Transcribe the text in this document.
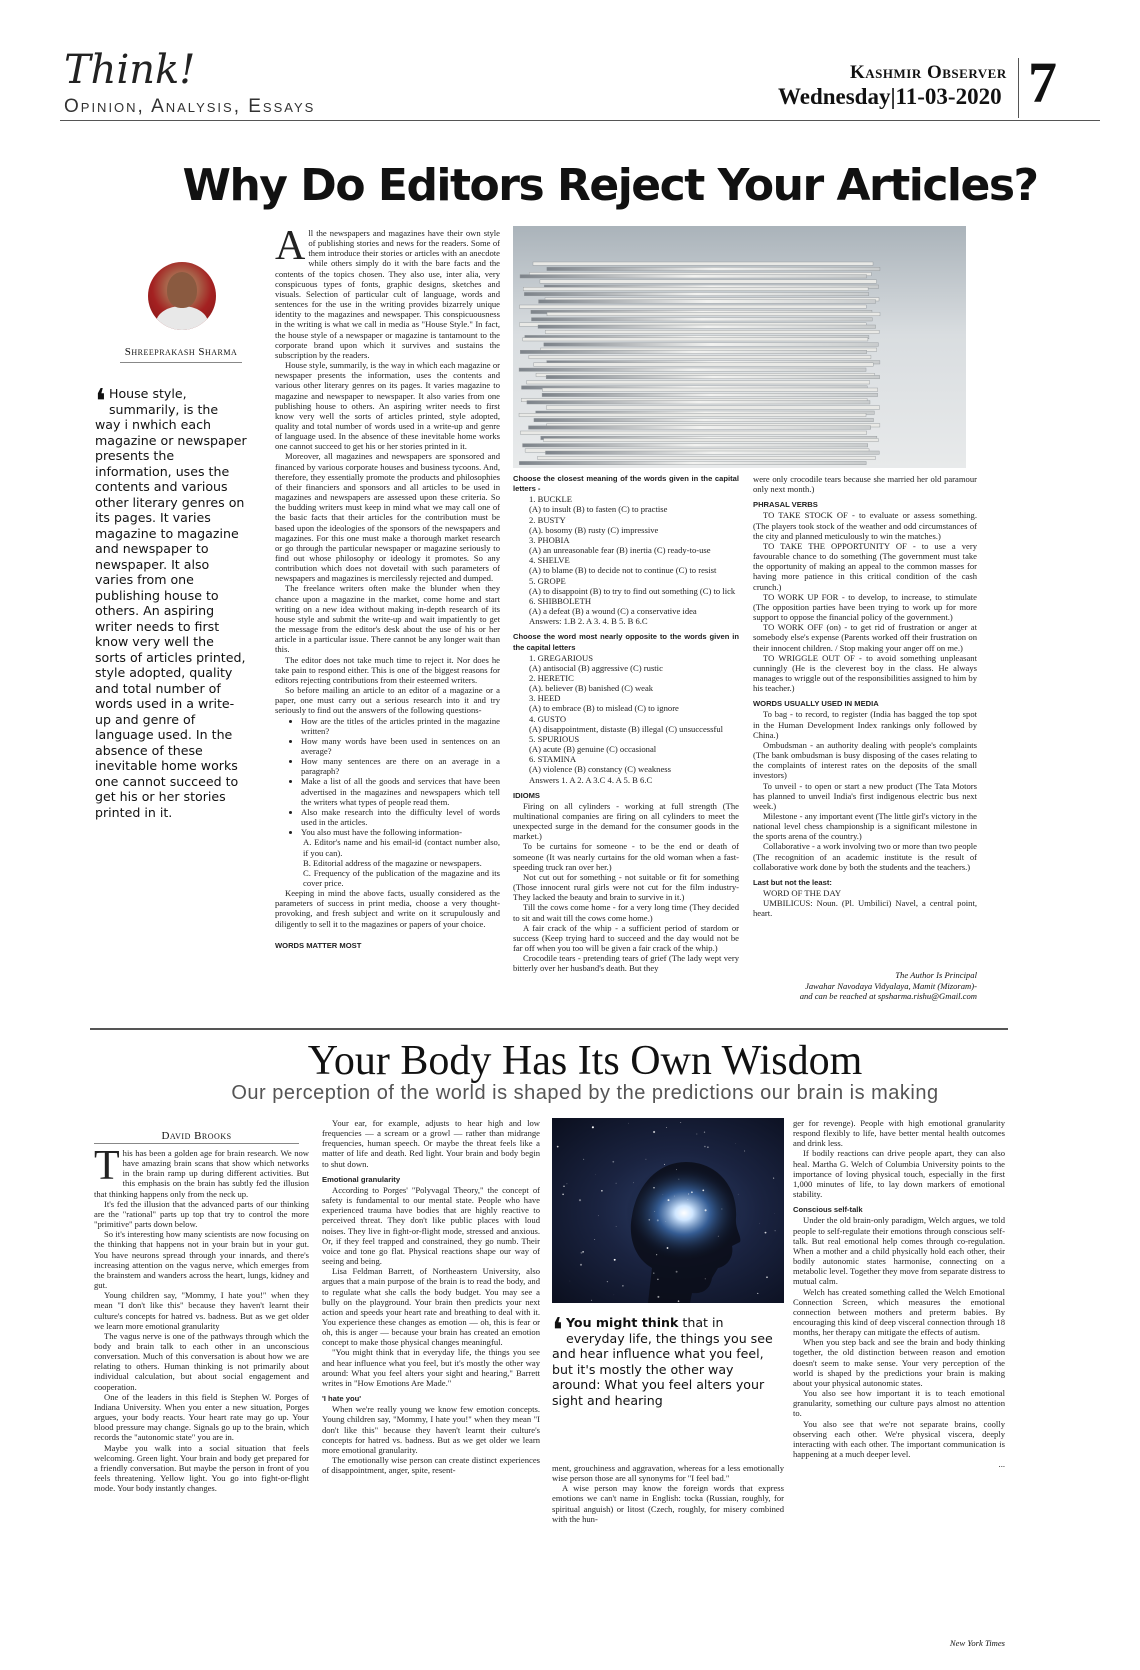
Think!
Opinion, Analysis, Essays
Kashmir Observer
Wednesday|11-03-2020 7
Why Do Editors Reject Your Articles?
Shreeprakash Sharma
❛ House style, summarily, is the way i nwhich each magazine or newspaper presents the information, uses the contents and various other literary genres on its pages. It varies magazine to magazine and newspaper to newspaper. It also varies from one publishing house to others. An aspiring writer needs to first know very well the sorts of articles printed, style adopted, quality and total number of words used in a write-up and genre of language used. In the absence of these inevitable home works one cannot succeed to get his or her stories printed in it.

All the newspapers and magazines have their own style of publishing stories and news for the readers. Some of them introduce their stories or articles with an anecdote while others simply do it with the bare facts and the contents of the topics chosen. They also use, inter alia, very conspicuous types of fonts, graphic designs, sketches and visuals. Selection of particular cult of language, words and sentences for the use in the writing provides bizarrely unique identity to the magazines and newspaper. This conspicuousness in the writing is what we call in media as "House Style." In fact, the house style of a newspaper or magazine is tantamount to the corporate brand upon which it survives and sustains the subscription by the readers.

House style, summarily, is the way in which each magazine or newspaper presents the information, uses the contents and various other literary genres on its pages. It varies magazine to magazine and newspaper to newspaper. It also varies from one publishing house to others. An aspiring writer needs to first know very well the sorts of articles printed, style adopted, quality and total number of words used in a write-up and genre of language used. In the absence of these inevitable home works one cannot succeed to get his or her stories printed in it.

Moreover, all magazines and newspapers are sponsored and financed by various corporate houses and business tycoons. And, therefore, they essentially promote the products and philosophies of their financiers and sponsors and all articles to be used in magazines and newspapers are assessed upon these criteria. So the budding writers must keep in mind what we may call one of the basic facts that their articles for the contribution must be based upon the ideologies of the sponsors of the newspapers and magazines. For this one must make a thorough market research or go through the particular newspaper or magazine seriously to find out whose philosophy or ideology it promotes. So any contribution which does not dovetail with such parameters of newspapers and magazines is mercilessly rejected and dumped.

The freelance writers often make the blunder when they chance upon a magazine in the market, come home and start writing on a new idea without making in-depth research of its house style and submit the write-up and wait impatiently to get the message from the editor's desk about the use of his or her article in a particular issue. There cannot be any longer wait than this.

The editor does not take much time to reject it. Nor does he take pain to respond either. This is one of the biggest reasons for editors rejecting contributions from their esteemed writers.

So before mailing an article to an editor of a magazine or a paper, one must carry out a serious research into it and try seriously to find out the answers of the following questions-

• How are the titles of the articles printed in the magazine written?
• How many words have been used in sentences on an average?
• How many sentences are there on an average in a paragraph?
• Make a list of all the goods and services that have been advertised in the magazines and newspapers which tell the writers what types of people read them.
• Also make research into the difficulty level of words used in the articles.
• You also must have the following information-

A. Editor's name and his email-id (contact number also, if you can).

B. Editorial address of the magazine or newspapers.

C. Frequency of the publication of the magazine and its cover price.

Keeping in mind the above facts, usually considered as the parameters of success in print media, choose a very thought-provoking, and fresh subject and write on it scrupulously and diligently to sell it to the magazines or papers of your choice.

WORDS MATTER MOST

Choose the closest meaning of the words given in the capital letters -

1. BUCKLE

(A) to insult (B) to fasten (C) to practise

2. BUSTY

(A). bosomy (B) rusty (C) impressive

3. PHOBIA

(A) an unreasonable fear (B) inertia (C) ready-to-use

4. SHELVE

(A) to blame (B) to decide not to continue (C) to resist

5. GROPE

(A) to disappoint (B) to try to find out something (C) to lick

6. SHIBBOLETH

(A) a defeat (B) a wound (C) a conservative idea

Answers: 1.B 2. A 3. 4. B 5. B 6.C

Choose the word most nearly opposite to the words given in the capital letters

1. GREGARIOUS

(A) antisocial (B) aggressive (C) rustic

2. HERETIC

(A). believer (B) banished (C) weak

3. HEED

(A) to embrace (B) to mislead (C) to ignore

4. GUSTO

(A) disappointment, distaste (B) illegal (C) unsuccessful

5. SPURIOUS

(A) acute (B) genuine (C) occasional

6. STAMINA

(A) violence (B) constancy (C) weakness

Answers 1. A 2. A 3.C 4. A 5. B 6.C

IDIOMS

Firing on all cylinders - working at full strength (The multinational companies are firing on all cylinders to meet the unexpected surge in the demand for the consumer goods in the market.)

To be curtains for someone - to be the end or death of someone (It was nearly curtains for the old woman when a fast-speeding truck ran over her.)

Not cut out for something - not suitable or fit for something (Those innocent rural girls were not cut for the film industry- They lacked the beauty and brain to survive in it.)

Till the cows come home - for a very long time (They decided to sit and wait till the cows come home.)

A fair crack of the whip - a sufficient period of stardom or success (Keep trying hard to succeed and the day would not be far off when you too will be given a fair crack of the whip.)

Crocodile tears - pretending tears of grief (The lady wept very bitterly over her husband's death. But they

were only crocodile tears because she married her old paramour only next month.)

PHRASAL VERBS

TO TAKE STOCK OF - to evaluate or assess something. (The players took stock of the weather and odd circumstances of the city and planned meticulously to win the matches.)

TO TAKE THE OPPORTUNITY OF - to use a very favourable chance to do something (The government must take the opportunity of making an appeal to the common masses for having more patience in this critical condition of the cash crunch.)

TO WORK UP FOR - to develop, to increase, to stimulate (The opposition parties have been trying to work up for more support to oppose the financial policy of the government.)

TO WORK OFF (on) - to get rid of frustration or anger at somebody else's expense (Parents worked off their frustration on their innocent children. / Stop making your anger off on me.)

TO WRIGGLE OUT OF - to avoid something unpleasant cunningly (He is the cleverest boy in the class. He always manages to wriggle out of the responsibilities assigned to him by his teacher.)

WORDS USUALLY USED IN MEDIA

To bag - to record, to register (India has bagged the top spot in the Human Development Index rankings only followed by China.)

Ombudsman - an authority dealing with people's complaints (The bank ombudsman is busy disposing of the cases relating to the complaints of interest rates on the deposits of the small investors)

To unveil - to open or start a new product (The Tata Motors has planned to unveil India's first indigenous electric bus next week.)

Milestone - any important event (The little girl's victory in the national level chess championship is a significant milestone in the sports arena of the country.)

Collaborative - a work involving two or more than two people (The recognition of an academic institute is the result of collaborative work done by both the students and the teachers.)

Last but not the least:

WORD OF THE DAY

UMBILICUS: Noun. (Pl. Umbilici) Navel, a central point, heart.

The Author Is Principal
Jawahar Navodaya Vidyalaya, Mamit (Mizoram)-
and can be reached at spsharma.rishu@Gmail.com
Your Body Has Its Own Wisdom
Our perception of the world is shaped by the predictions our brain is making
David Brooks

This has been a golden age for brain research. We now have amazing brain scans that show which networks in the brain ramp up during different activities. But this emphasis on the brain has subtly fed the illusion that thinking happens only from the neck up.

It's fed the illusion that the advanced parts of our thinking are the "rational" parts up top that try to control the more "primitive" parts down below.

So it's interesting how many scientists are now focusing on the thinking that happens not in your brain but in your gut. You have neurons spread through your innards, and there's increasing attention on the vagus nerve, which emerges from the brainstem and wanders across the heart, lungs, kidney and gut.

Young children say, "Mommy, I hate you!" when they mean "I don't like this" because they haven't learnt their culture's concepts for hatred vs. badness. But as we get older we learn more emotional granularity

The vagus nerve is one of the pathways through which the body and brain talk to each other in an unconscious conversation. Much of this conversation is about how we are relating to others. Human thinking is not primarily about individual calculation, but about social engagement and cooperation.

One of the leaders in this field is Stephen W. Porges of Indiana University. When you enter a new situation, Porges argues, your body reacts. Your heart rate may go up. Your blood pressure may change. Signals go up to the brain, which records the "autonomic state" you are in.

Maybe you walk into a social situation that feels welcoming. Green light. Your brain and body get prepared for a friendly conversation. But maybe the person in front of you feels threatening. Yellow light. You go into fight-or-flight mode. Your body instantly changes.

Your ear, for example, adjusts to hear high and low frequencies — a scream or a growl — rather than midrange frequencies, human speech. Or maybe the threat feels like a matter of life and death. Red light. Your brain and body begin to shut down.

Emotional granularity

According to Porges' "Polyvagal Theory," the concept of safety is fundamental to our mental state. People who have experienced trauma have bodies that are highly reactive to perceived threat. They don't like public places with loud noises. They live in fight-or-flight mode, stressed and anxious. Or, if they feel trapped and constrained, they go numb. Their voice and tone go flat. Physical reactions shape our way of seeing and being.

Lisa Feldman Barrett, of Northeastern University, also argues that a main purpose of the brain is to read the body, and to regulate what she calls the body budget. You may see a bully on the playground. Your brain then predicts your next action and speeds your heart rate and breathing to deal with it. You experience these changes as emotion — oh, this is fear or oh, this is anger — because your brain has created an emotion concept to make those physical changes meaningful.

"You might think that in everyday life, the things you see and hear influence what you feel, but it's mostly the other way around: What you feel alters your sight and hearing," Barrett writes in "How Emotions Are Made."

'I hate you'

When we're really young we know few emotion concepts. Young children say, "Mommy, I hate you!" when they mean "I don't like this" because they haven't learnt their culture's concepts for hatred vs. badness. But as we get older we learn more emotional granularity.

The emotionally wise person can create distinct experiences of disappointment, anger, spite, resent-

❛ You might think that in everyday life, the things you see and hear influence what you feel, but it's mostly the other way around: What you feel alters your sight and hearing

ment, grouchiness and aggravation, whereas for a less emotionally wise person those are all synonyms for "I feel bad."

A wise person may know the foreign words that express emotions we can't name in English: tocka (Russian, roughly, for spiritual anguish) or litost (Czech, roughly, for misery combined with the hun-

ger for revenge). People with high emotional granularity respond flexibly to life, have better mental health outcomes and drink less.

If bodily reactions can drive people apart, they can also heal. Martha G. Welch of Columbia University points to the importance of loving physical touch, especially in the first 1,000 minutes of life, to lay down markers of emotional stability.

Conscious self-talk

Under the old brain-only paradigm, Welch argues, we told people to self-regulate their emotions through conscious self-talk. But real emotional help comes through co-regulation. When a mother and a child physically hold each other, their bodily autonomic states harmonise, connecting on a metabolic level. Together they move from separate distress to mutual calm.

Welch has created something called the Welch Emotional Connection Screen, which measures the emotional connection between mothers and preterm babies. By encouraging this kind of deep visceral connection through 18 months, her therapy can mitigate the effects of autism.

When you step back and see the brain and body thinking together, the old distinction between reason and emotion doesn't seem to make sense. Your very perception of the world is shaped by the predictions your brain is making about your physical autonomic states.

You also see how important it is to teach emotional granularity, something our culture pays almost no attention to.

You also see that we're not separate brains, coolly observing each other. We're physical viscera, deeply interacting with each other. The important communication is happening at a much deeper level.

...

New York Times
